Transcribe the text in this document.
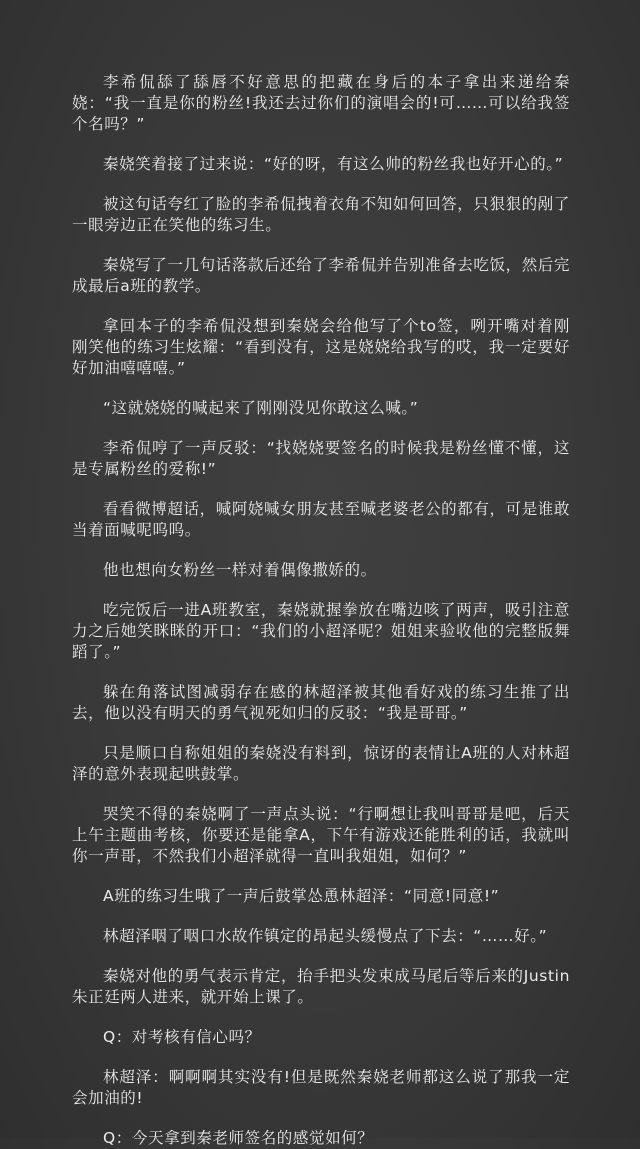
李希侃舔了舔唇不好意思的把藏在身后的本子拿出来递给秦娆：“我一直是你的粉丝!我还去过你们的演唱会的!可……可以给我签个名吗？”

秦娆笑着接了过来说：“好的呀，有这么帅的粉丝我也好开心的。”

被这句话夸红了脸的李希侃拽着衣角不知如何回答，只狠狠的剐了一眼旁边正在笑他的练习生。

秦娆写了一几句话落款后还给了李希侃并告别准备去吃饭，然后完成最后a班的教学。

拿回本子的李希侃没想到秦娆会给他写了个to签，咧开嘴对着刚刚笑他的练习生炫耀：“看到没有，这是娆娆给我写的哎，我一定要好好加油嘻嘻嘻。”

“这就娆娆的喊起来了刚刚没见你敢这么喊。”

李希侃哼了一声反驳：“找娆娆要签名的时候我是粉丝懂不懂，这是专属粉丝的爱称!”

看看微博超话，喊阿娆喊女朋友甚至喊老婆老公的都有，可是谁敢当着面喊呢呜呜。

他也想向女粉丝一样对着偶像撒娇的。

吃完饭后一进A班教室，秦娆就握拳放在嘴边咳了两声，吸引注意力之后她笑眯眯的开口：“我们的小超泽呢？姐姐来验收他的完整版舞蹈了。”

躲在角落试图减弱存在感的林超泽被其他看好戏的练习生推了出去，他以没有明天的勇气视死如归的反驳：“我是哥哥。”

只是顺口自称姐姐的秦娆没有料到，惊讶的表情让A班的人对林超泽的意外表现起哄鼓掌。

哭笑不得的秦娆啊了一声点头说：“行啊想让我叫哥哥是吧，后天上午主题曲考核，你要还是能拿A，下午有游戏还能胜利的话，我就叫你一声哥，不然我们小超泽就得一直叫我姐姐，如何？”

A班的练习生哦了一声后鼓掌怂恿林超泽：“同意!同意!”

林超泽咽了咽口水故作镇定的昂起头缓慢点了下去：“……好。”

秦娆对他的勇气表示肯定，抬手把头发束成马尾后等后来的Justin朱正廷两人进来，就开始上课了。

Q：对考核有信心吗？

林超泽：啊啊啊其实没有!但是既然秦娆老师都这么说了那我一定会加油的!

Q：今天拿到秦老师签名的感觉如何？
